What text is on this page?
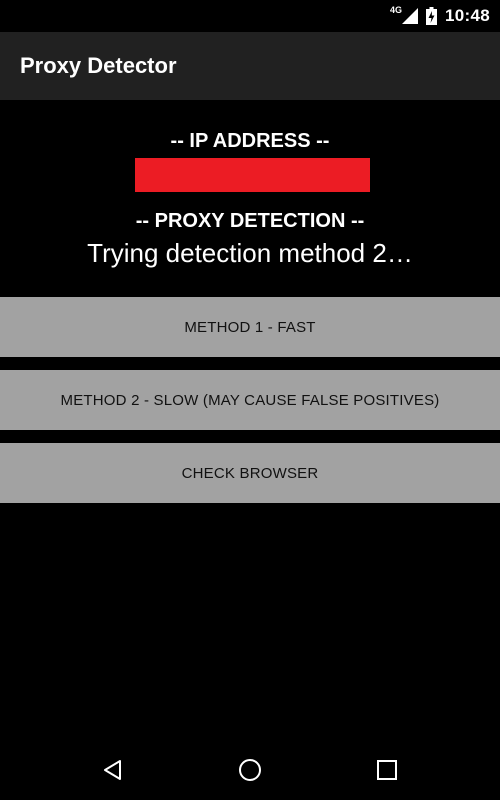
4G	10:48
Proxy Detector
-- IP ADDRESS --
-- PROXY DETECTION --
Trying detection method 2…
METHOD 1 - FAST
METHOD 2 - SLOW (MAY CAUSE FALSE POSITIVES)
CHECK BROWSER
